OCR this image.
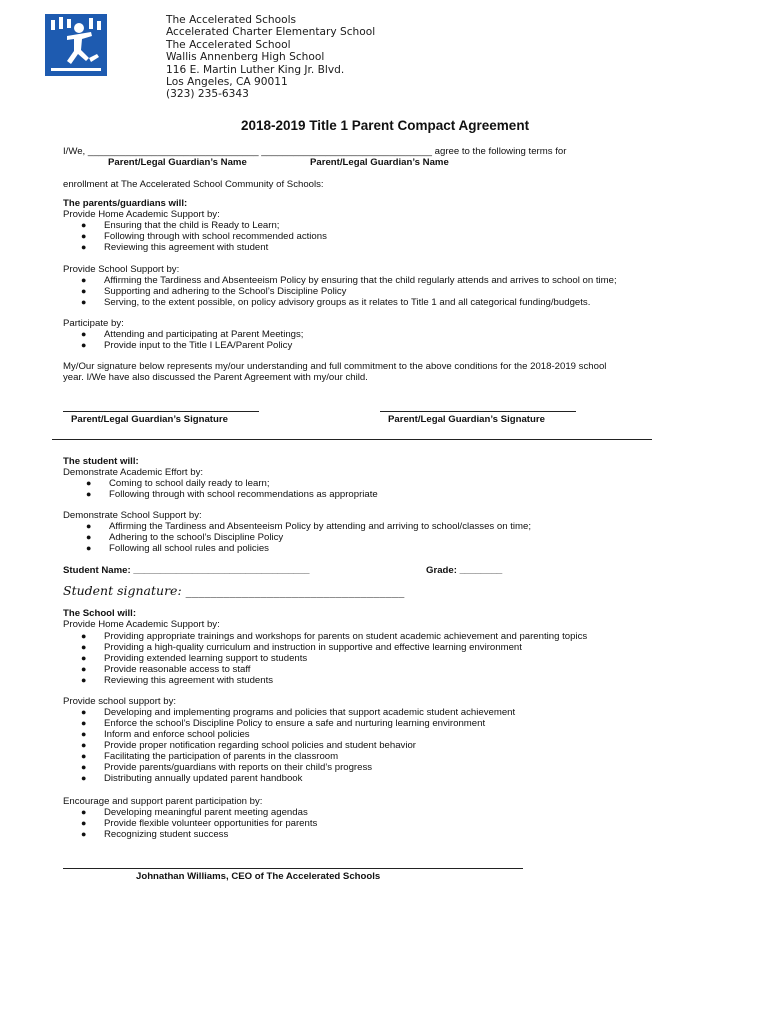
The Accelerated Schools
Accelerated Charter Elementary School
The Accelerated School
Wallis Annenberg High School
116 E. Martin Luther King Jr. Blvd.
Los Angeles, CA 90011
(323) 235-6343
2018-2019 Title 1 Parent Compact Agreement
I/We, ________________________________ ________________________________ agree to the following terms for
Parent/Legal Guardian’s Name	Parent/Legal Guardian’s Name
enrollment at The Accelerated School Community of Schools:
The parents/guardians will:
Provide Home Academic Support by:
● Ensuring that the child is Ready to Learn;
● Following through with school recommended actions
● Reviewing this agreement with student
Provide School Support by:
● Affirming the Tardiness and Absenteeism Policy by ensuring that the child regularly attends and arrives to school on time;
● Supporting and adhering to the School’s Discipline Policy
● Serving, to the extent possible, on policy advisory groups as it relates to Title 1 and all categorical funding/budgets.
Participate by:
● Attending and participating at Parent Meetings;
● Provide input to the Title I LEA/Parent Policy
My/Our signature below represents my/our understanding and full commitment to the above conditions for the 2018-2019 school
year. I/We have also discussed the Parent Agreement with my/our child.
Parent/Legal Guardian’s Signature	Parent/Legal Guardian’s Signature
The student will:
Demonstrate Academic Effort by:
● Coming to school daily ready to learn;
● Following through with school recommendations as appropriate
Demonstrate School Support by:
● Affirming the Tardiness and Absenteeism Policy by attending and arriving to school/classes on time;
● Adhering to the school’s Discipline Policy
● Following all school rules and policies
Student Name: _________________________________	Grade: ________
Student signature: ___________________________________
The School will:
Provide Home Academic Support by:
● Providing appropriate trainings and workshops for parents on student academic achievement and parenting topics
● Providing a high-quality curriculum and instruction in supportive and effective learning environment
● Providing extended learning support to students
● Provide reasonable access to staff
● Reviewing this agreement with students
Provide school support by:
● Developing and implementing programs and policies that support academic student achievement
● Enforce the school’s Discipline Policy to ensure a safe and nurturing learning environment
● Inform and enforce school policies
● Provide proper notification regarding school policies and student behavior
● Facilitating the participation of parents in the classroom
● Provide parents/guardians with reports on their child’s progress
● Distributing annually updated parent handbook
Encourage and support parent participation by:
● Developing meaningful parent meeting agendas
● Provide flexible volunteer opportunities for parents
● Recognizing student success
Johnathan Williams, CEO of The Accelerated Schools
